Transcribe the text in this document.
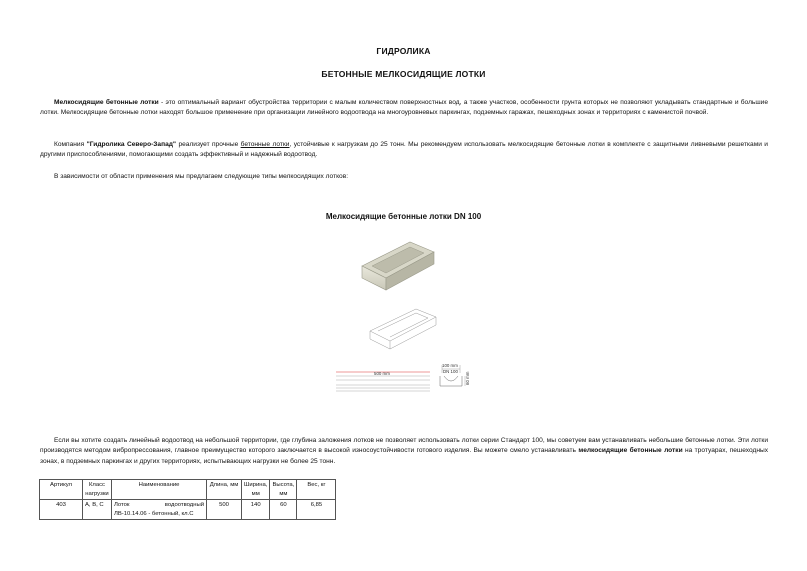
ГИДРОЛИКА
БЕТОННЫЕ МЕЛКОСИДЯЩИЕ ЛОТКИ
Мелкосидящие бетонные лотки - это оптимальный вариант обустройства территории с малым количеством поверхностных вод, а также участков, особенности грунта которых не позволяют укладывать стандартные и большие лотки. Мелкосидящие бетонные лотки находят большое применение при организации линейного водоотвода на многоуровневых паркингах, подземных гаражах, пешеходных зонах и территориях с каменистой почвой.
Компания "Гидролика Северо-Запад" реализует прочные бетонные лотки, устойчивые к нагрузкам до 25 тонн. Мы рекомендуем использовать мелкосидящие бетонные лотки в комплекте с защитными ливневыми решетками и другими приспособлениями, помогающими создать эффективный и надежный водоотвод.
В зависимости от области применения мы предлагаем следующие типы мелкосидящих лотков:
Мелкосидящие бетонные лотки DN 100
500 mm
100 mm
DN 100
60 mm
Если вы хотите создать линейный водоотвод на небольшой территории, где глубина заложения лотков не позволяет использовать лотки серии Стандарт 100, мы советуем вам устанавливать небольшие бетонные лотки. Эти лотки производятся методом вибропрессования, главное преимущество которого заключается в высокой износоустойчивости готового изделия. Вы можете смело устанавливать мелкосидящие бетонные лотки на тротуарах, пешеходных зонах, в подземных паркингах и других территориях, испытывающих нагрузки не более 25 тонн.
Артикул	Класс нагрузки	Наименование	Длина, мм	Ширина, мм	Высота, мм	Вес, кг
403	A, B, C	Лоток водоотводный ЛВ-10.14.06 - бетонный, кл.C	500	140	60	6,85
